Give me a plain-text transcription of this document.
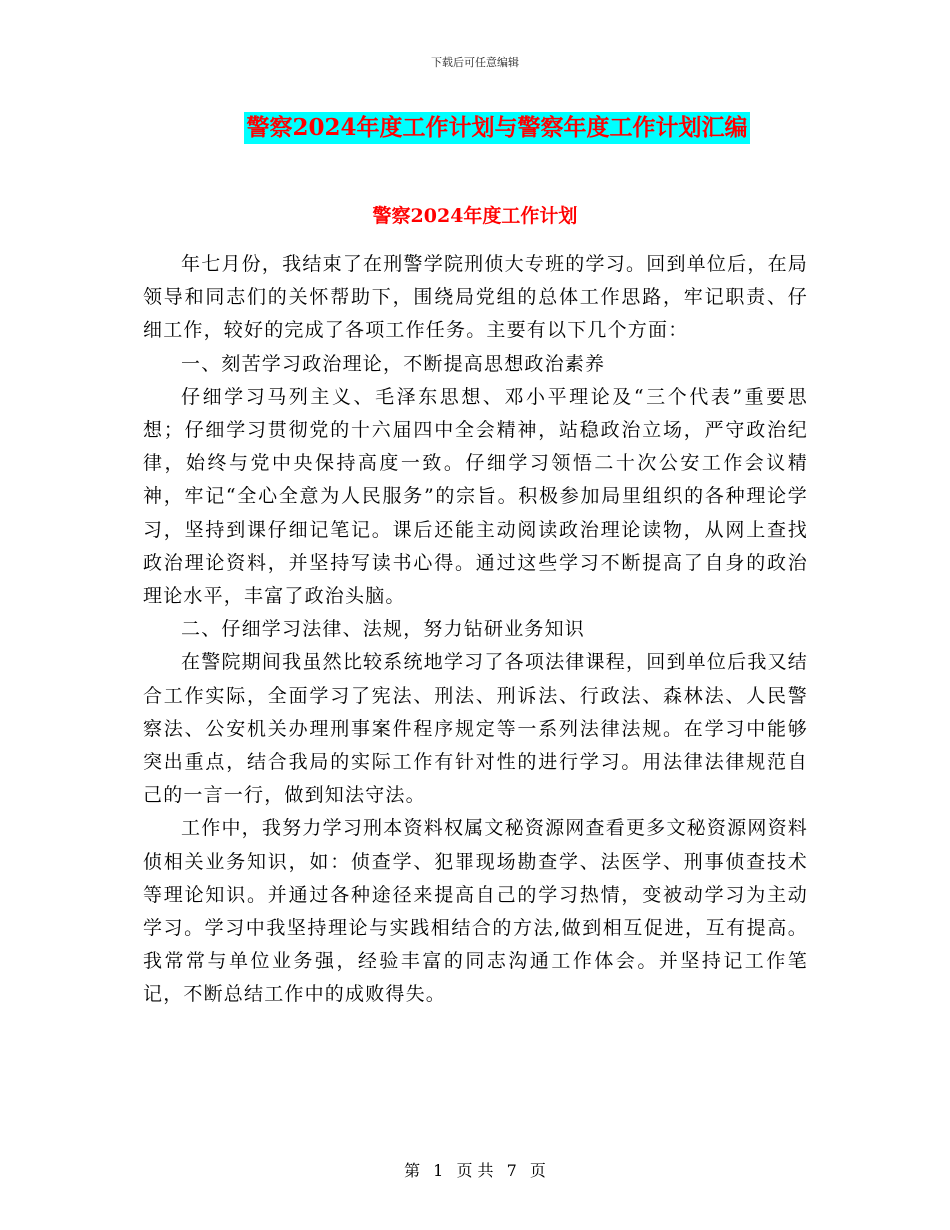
下载后可任意编辑
警察2024年度工作计划与警察年度工作计划汇编
警察2024年度工作计划

年七月份，我结束了在刑警学院刑侦大专班的学习。回到单位后，在局领导和同志们的关怀帮助下，围绕局党组的总体工作思路，牢记职责、仔细工作，较好的完成了各项工作任务。主要有以下几个方面：

一、刻苦学习政治理论，不断提高思想政治素养

仔细学习马列主义、毛泽东思想、邓小平理论及“三个代表”重要思想；仔细学习贯彻党的十六届四中全会精神，站稳政治立场，严守政治纪律，始终与党中央保持高度一致。仔细学习领悟二十次公安工作会议精神，牢记“全心全意为人民服务”的宗旨。积极参加局里组织的各种理论学习，坚持到课仔细记笔记。课后还能主动阅读政治理论读物，从网上查找政治理论资料，并坚持写读书心得。通过这些学习不断提高了自身的政治理论水平，丰富了政治头脑。

二、仔细学习法律、法规，努力钻研业务知识

在警院期间我虽然比较系统地学习了各项法律课程，回到单位后我又结合工作实际，全面学习了宪法、刑法、刑诉法、行政法、森林法、人民警察法、公安机关办理刑事案件程序规定等一系列法律法规。在学习中能够突出重点，结合我局的实际工作有针对性的进行学习。用法律法律规范自己的一言一行，做到知法守法。

工作中，我努力学习刑本资料权属文秘资源网查看更多文秘资源网资料侦相关业务知识，如：侦查学、犯罪现场勘查学、法医学、刑事侦查技术等理论知识。并通过各种途径来提高自己的学习热情，变被动学习为主动学习。学习中我坚持理论与实践相结合的方法,做到相互促进，互有提高。我常常与单位业务强，经验丰富的同志沟通工作体会。并坚持记工作笔记，不断总结工作中的成败得失。

第 1 页 共 7 页
